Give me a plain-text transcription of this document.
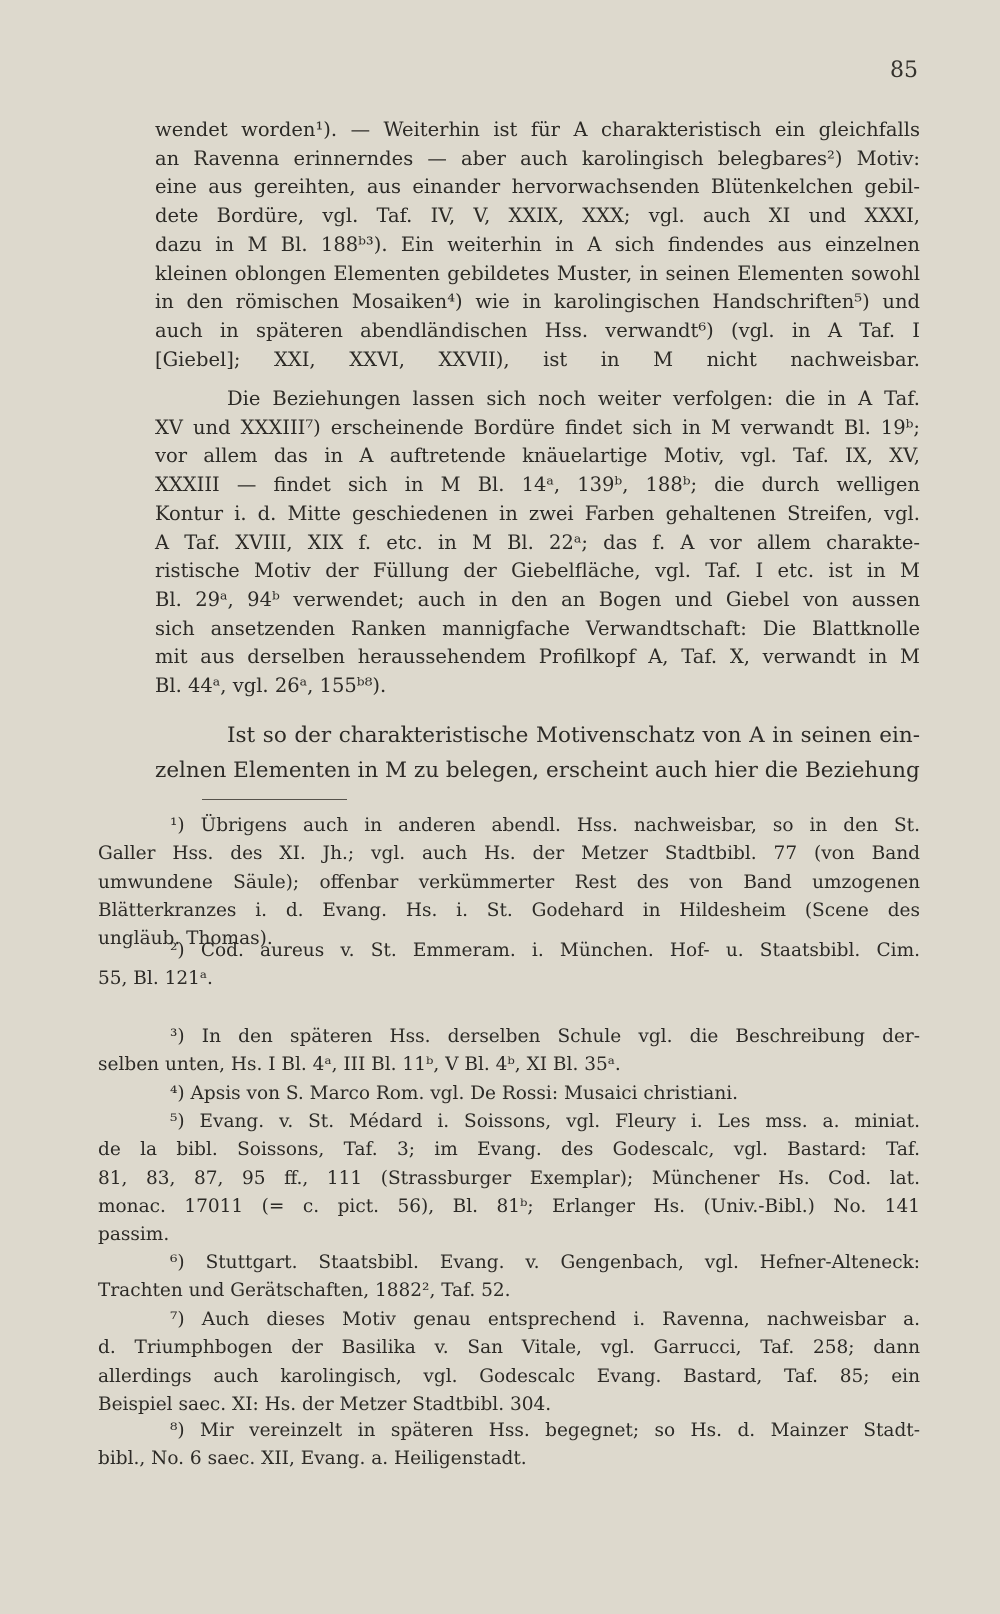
85
wendet worden¹). — Weiterhin ist für A charakteristisch ein gleichfalls
an Ravenna erinnerndes — aber auch karolingisch belegbares²) Motiv:
eine aus gereihten, aus einander hervorwachsenden Blütenkelchen gebil-
dete Bordüre, vgl. Taf. IV, V, XXIX, XXX; vgl. auch XI und XXXI,
dazu in M Bl. 188ᵇ³). Ein weiterhin in A sich findendes aus einzelnen
kleinen oblongen Elementen gebildetes Muster, in seinen Elementen sowohl
in den römischen Mosaiken⁴) wie in karolingischen Handschriften⁵) und
auch in späteren abendländischen Hss. verwandt⁶) (vgl. in A Taf. I
[Giebel]; XXI, XXVI, XXVII), ist in M nicht nachweisbar.
Die Beziehungen lassen sich noch weiter verfolgen: die in A Taf.
XV und XXXIII⁷) erscheinende Bordüre findet sich in M verwandt Bl. 19ᵇ;
vor allem das in A auftretende knäuelartige Motiv, vgl. Taf. IX, XV,
XXXIII — findet sich in M Bl. 14ᵃ, 139ᵇ, 188ᵇ; die durch welligen
Kontur i. d. Mitte geschiedenen in zwei Farben gehaltenen Streifen, vgl.
A Taf. XVIII, XIX f. etc. in M Bl. 22ᵃ; das f. A vor allem charakte-
ristische Motiv der Füllung der Giebelfläche, vgl. Taf. I etc. ist in M
Bl. 29ᵃ, 94ᵇ verwendet; auch in den an Bogen und Giebel von aussen
sich ansetzenden Ranken mannigfache Verwandtschaft: Die Blattknolle
mit aus derselben heraussehendem Profilkopf A, Taf. X, verwandt in M
Bl. 44ᵃ, vgl. 26ᵃ, 155ᵇ⁸).
Ist so der charakteristische Motivenschatz von A in seinen ein-
zelnen Elementen in M zu belegen, erscheint auch hier die Beziehung
¹) Übrigens auch in anderen abendl. Hss. nachweisbar, so in den St.
Galler Hss. des XI. Jh.; vgl. auch Hs. der Metzer Stadtbibl. 77 (von Band
umwundene Säule); offenbar verkümmerter Rest des von Band umzogenen
Blätterkranzes i. d. Evang. Hs. i. St. Godehard in Hildesheim (Scene des
ungläub. Thomas).
²) Cod. aureus v. St. Emmeram. i. München. Hof- u. Staatsbibl. Cim.
55, Bl. 121ᵃ.
³) In den späteren Hss. derselben Schule vgl. die Beschreibung der-
selben unten, Hs. I Bl. 4ᵃ, III Bl. 11ᵇ, V Bl. 4ᵇ, XI Bl. 35ᵃ.
⁴) Apsis von S. Marco Rom. vgl. De Rossi: Musaici christiani.
⁵) Evang. v. St. Médard i. Soissons, vgl. Fleury i. Les mss. a. miniat.
de la bibl. Soissons, Taf. 3; im Evang. des Godescalc, vgl. Bastard: Taf.
81, 83, 87, 95 ff., 111 (Strassburger Exemplar); Münchener Hs. Cod. lat.
monac. 17011 (= c. pict. 56), Bl. 81ᵇ; Erlanger Hs. (Univ.-Bibl.) No. 141
passim.
⁶) Stuttgart. Staatsbibl. Evang. v. Gengenbach, vgl. Hefner-Alteneck:
Trachten und Gerätschaften, 1882², Taf. 52.
⁷) Auch dieses Motiv genau entsprechend i. Ravenna, nachweisbar a.
d. Triumphbogen der Basilika v. San Vitale, vgl. Garrucci, Taf. 258; dann
allerdings auch karolingisch, vgl. Godescalc Evang. Bastard, Taf. 85; ein
Beispiel saec. XI: Hs. der Metzer Stadtbibl. 304.
⁸) Mir vereinzelt in späteren Hss. begegnet; so Hs. d. Mainzer Stadt-
bibl., No. 6 saec. XII, Evang. a. Heiligenstadt.
